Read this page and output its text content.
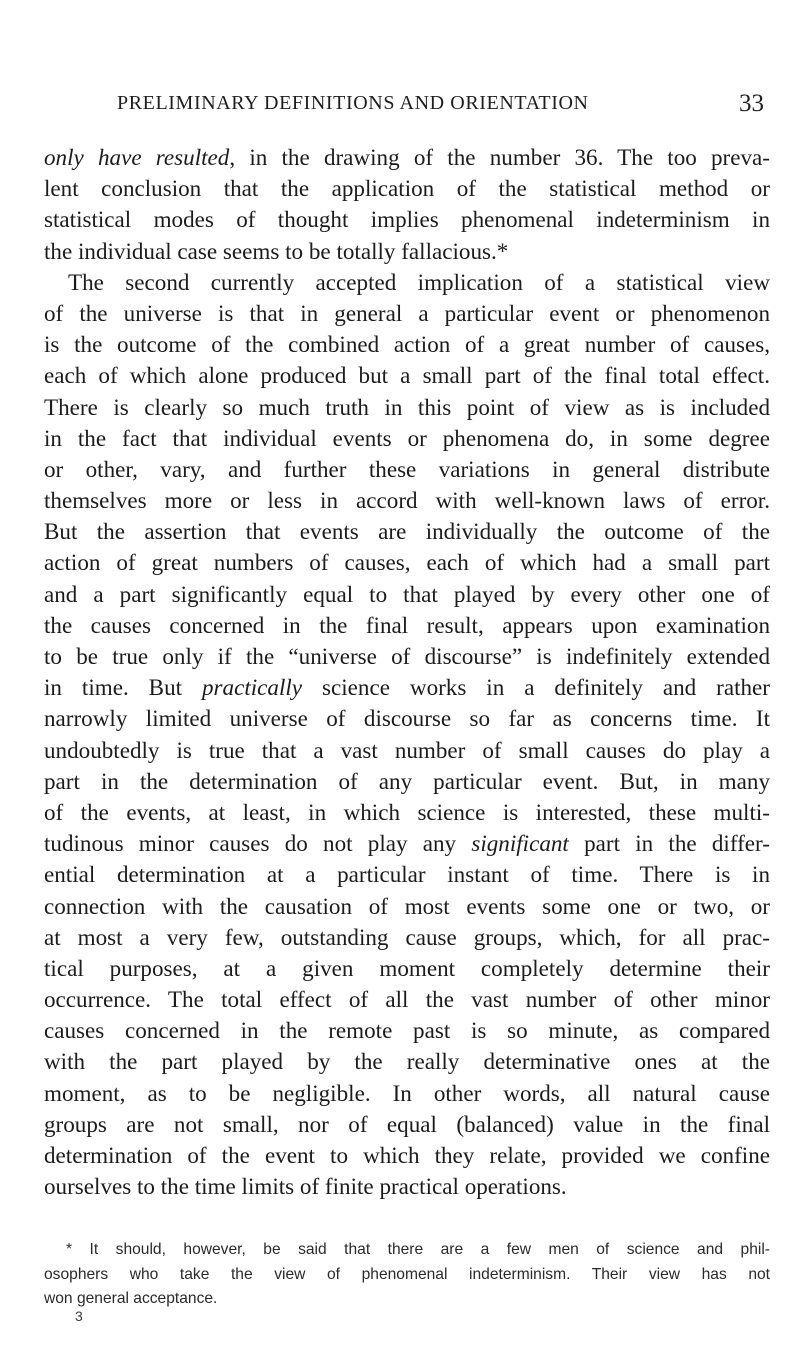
PRELIMINARY DEFINITIONS AND ORIENTATION	33
only have resulted, in the drawing of the number 36. The too preva-
lent conclusion that the application of the statistical method or
statistical modes of thought implies phenomenal indeterminism in
the individual case seems to be totally fallacious.*
The second currently accepted implication of a statistical view
of the universe is that in general a particular event or phenomenon
is the outcome of the combined action of a great number of causes,
each of which alone produced but a small part of the final total effect.
There is clearly so much truth in this point of view as is included
in the fact that individual events or phenomena do, in some degree
or other, vary, and further these variations in general distribute
themselves more or less in accord with well-known laws of error.
But the assertion that events are individually the outcome of the
action of great numbers of causes, each of which had a small part
and a part significantly equal to that played by every other one of
the causes concerned in the final result, appears upon examination
to be true only if the “universe of discourse” is indefinitely extended
in time. But practically science works in a definitely and rather
narrowly limited universe of discourse so far as concerns time. It
undoubtedly is true that a vast number of small causes do play a
part in the determination of any particular event. But, in many
of the events, at least, in which science is interested, these multi-
tudinous minor causes do not play any significant part in the differ-
ential determination at a particular instant of time. There is in
connection with the causation of most events some one or two, or
at most a very few, outstanding cause groups, which, for all prac-
tical purposes, at a given moment completely determine their
occurrence. The total effect of all the vast number of other minor
causes concerned in the remote past is so minute, as compared
with the part played by the really determinative ones at the
moment, as to be negligible. In other words, all natural cause
groups are not small, nor of equal (balanced) value in the final
determination of the event to which they relate, provided we confine
ourselves to the time limits of finite practical operations.
* It should, however, be said that there are a few men of science and phil-
osophers who take the view of phenomenal indeterminism. Their view has not
won general acceptance.
3
